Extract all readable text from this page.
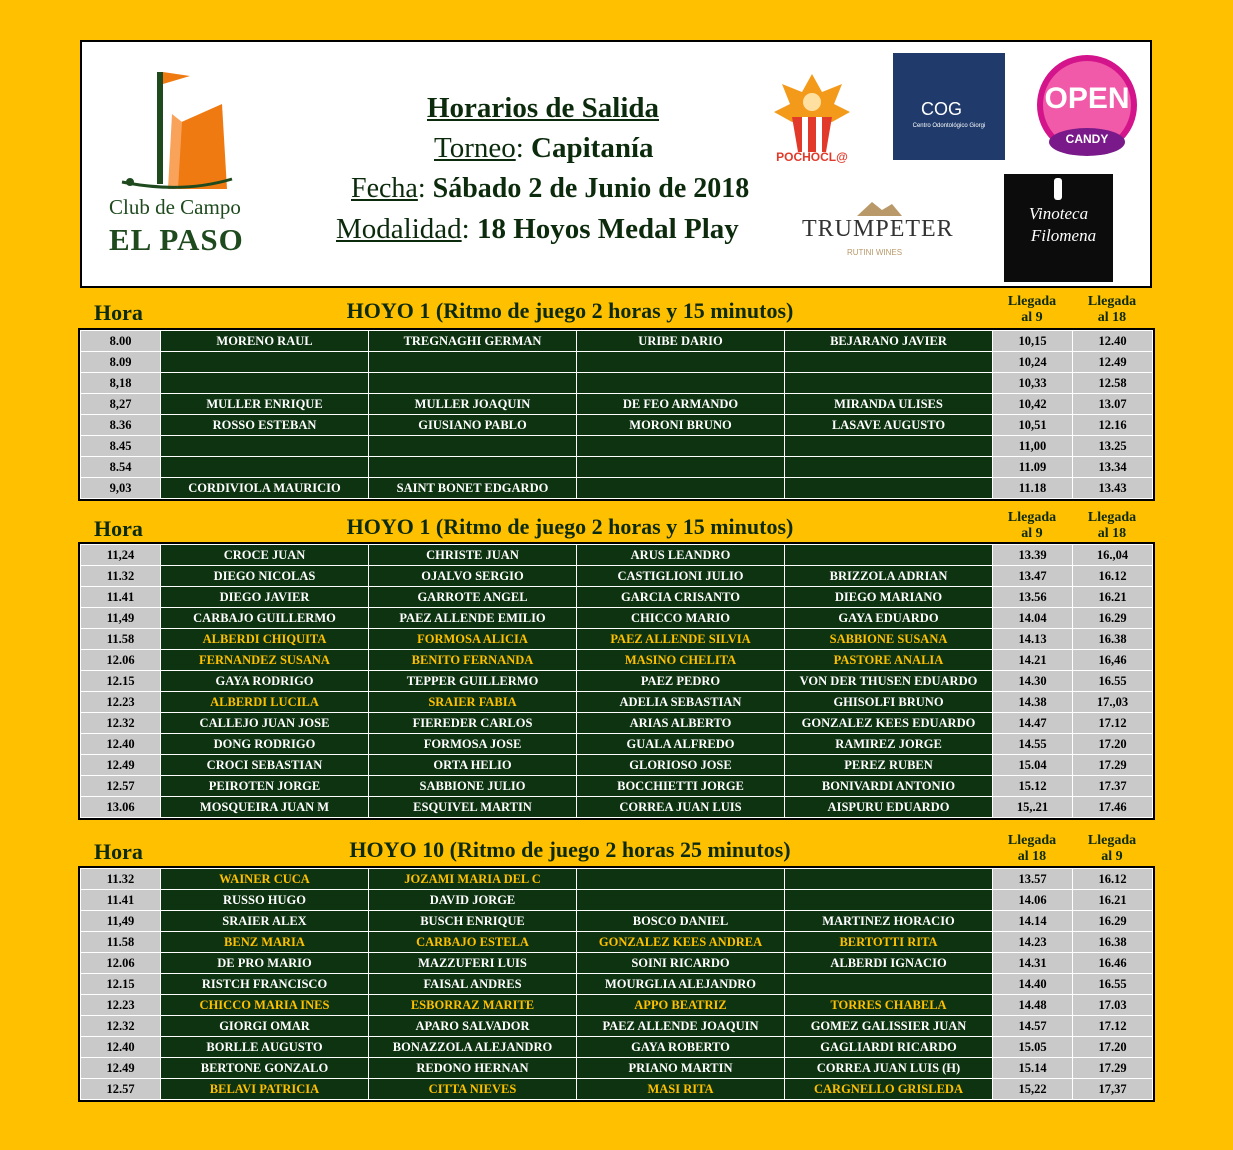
Club de Campo
EL PASO
Horarios de Salida
Torneo: Capitanía
Fecha: Sábado 2 de Junio de 2018
Modalidad: 18 Hoyos Medal Play
POCHOCL@
COG
Centro Odontológico Giorgi
OPEN
CANDY
TRUMPETER
RUTINI WINES
Vinoteca
Filomena
Hora	HOYO 1 (Ritmo de juego 2 horas y 15 minutos)	Llegada
al 9
Llegada
al 18
8.00	MORENO RAUL	TREGNAGHI GERMAN	URIBE DARIO	BEJARANO JAVIER	10,15	12.40
8.09					10,24	12.49
8,18					10,33	12.58
8,27	MULLER ENRIQUE	MULLER JOAQUIN	DE FEO ARMANDO	MIRANDA ULISES	10,42	13.07
8.36	ROSSO ESTEBAN	GIUSIANO PABLO	MORONI BRUNO	LASAVE AUGUSTO	10,51	12.16
8.45					11,00	13.25
8.54					11.09	13.34
9,03	CORDIVIOLA MAURICIO	SAINT BONET EDGARDO			11.18	13.43
Hora	HOYO 1 (Ritmo de juego 2 horas y 15 minutos)	Llegada
al 9
Llegada
al 18
11,24	CROCE JUAN	CHRISTE JUAN	ARUS LEANDRO		13.39	16.,04
11.32	DIEGO NICOLAS	OJALVO SERGIO	CASTIGLIONI JULIO	BRIZZOLA ADRIAN	13.47	16.12
11.41	DIEGO JAVIER	GARROTE ANGEL	GARCIA CRISANTO	DIEGO MARIANO	13.56	16.21
11,49	CARBAJO GUILLERMO	PAEZ ALLENDE EMILIO	CHICCO MARIO	GAYA EDUARDO	14.04	16.29
11.58	ALBERDI CHIQUITA	FORMOSA ALICIA	PAEZ ALLENDE SILVIA	SABBIONE SUSANA	14.13	16.38
12.06	FERNANDEZ SUSANA	BENITO FERNANDA	MASINO CHELITA	PASTORE ANALIA	14.21	16,46
12.15	GAYA RODRIGO	TEPPER GUILLERMO	PAEZ PEDRO	VON DER THUSEN EDUARDO	14.30	16.55
12.23	ALBERDI LUCILA	SRAIER FABIA	ADELIA SEBASTIAN	GHISOLFI BRUNO	14.38	17.,03
12.32	CALLEJO JUAN JOSE	FIEREDER CARLOS	ARIAS ALBERTO	GONZALEZ KEES EDUARDO	14.47	17.12
12.40	DONG RODRIGO	FORMOSA JOSE	GUALA ALFREDO	RAMIREZ JORGE	14.55	17.20
12.49	CROCI SEBASTIAN	ORTA HELIO	GLORIOSO JOSE	PEREZ RUBEN	15.04	17.29
12.57	PEIROTEN JORGE	SABBIONE JULIO	BOCCHIETTI JORGE	BONIVARDI ANTONIO	15.12	17.37
13.06	MOSQUEIRA JUAN M	ESQUIVEL MARTIN	CORREA JUAN LUIS	AISPURU EDUARDO	15,.21	17.46
Hora	HOYO 10 (Ritmo de juego 2 horas 25 minutos)	Llegada
al 18
Llegada
al 9
11.32	WAINER CUCA	JOZAMI MARIA DEL C			13.57	16.12
11.41	RUSSO HUGO	DAVID JORGE			14.06	16.21
11,49	SRAIER ALEX	BUSCH ENRIQUE	BOSCO DANIEL	MARTINEZ HORACIO	14.14	16.29
11.58	BENZ MARIA	CARBAJO ESTELA	GONZALEZ KEES ANDREA	BERTOTTI RITA	14.23	16.38
12.06	DE PRO MARIO	MAZZUFERI LUIS	SOINI RICARDO	ALBERDI IGNACIO	14.31	16.46
12.15	RISTCH FRANCISCO	FAISAL ANDRES	MOURGLIA ALEJANDRO		14.40	16.55
12.23	CHICCO MARIA INES	ESBORRAZ MARITE	APPO BEATRIZ	TORRES CHABELA	14.48	17.03
12.32	GIORGI OMAR	APARO SALVADOR	PAEZ ALLENDE JOAQUIN	GOMEZ GALISSIER JUAN	14.57	17.12
12.40	BORLLE AUGUSTO	BONAZZOLA ALEJANDRO	GAYA ROBERTO	GAGLIARDI RICARDO	15.05	17.20
12.49	BERTONE GONZALO	REDONO HERNAN	PRIANO MARTIN	CORREA JUAN LUIS (H)	15.14	17.29
12.57	BELAVI PATRICIA	CITTA NIEVES	MASI RITA	CARGNELLO GRISLEDA	15,22	17,37
